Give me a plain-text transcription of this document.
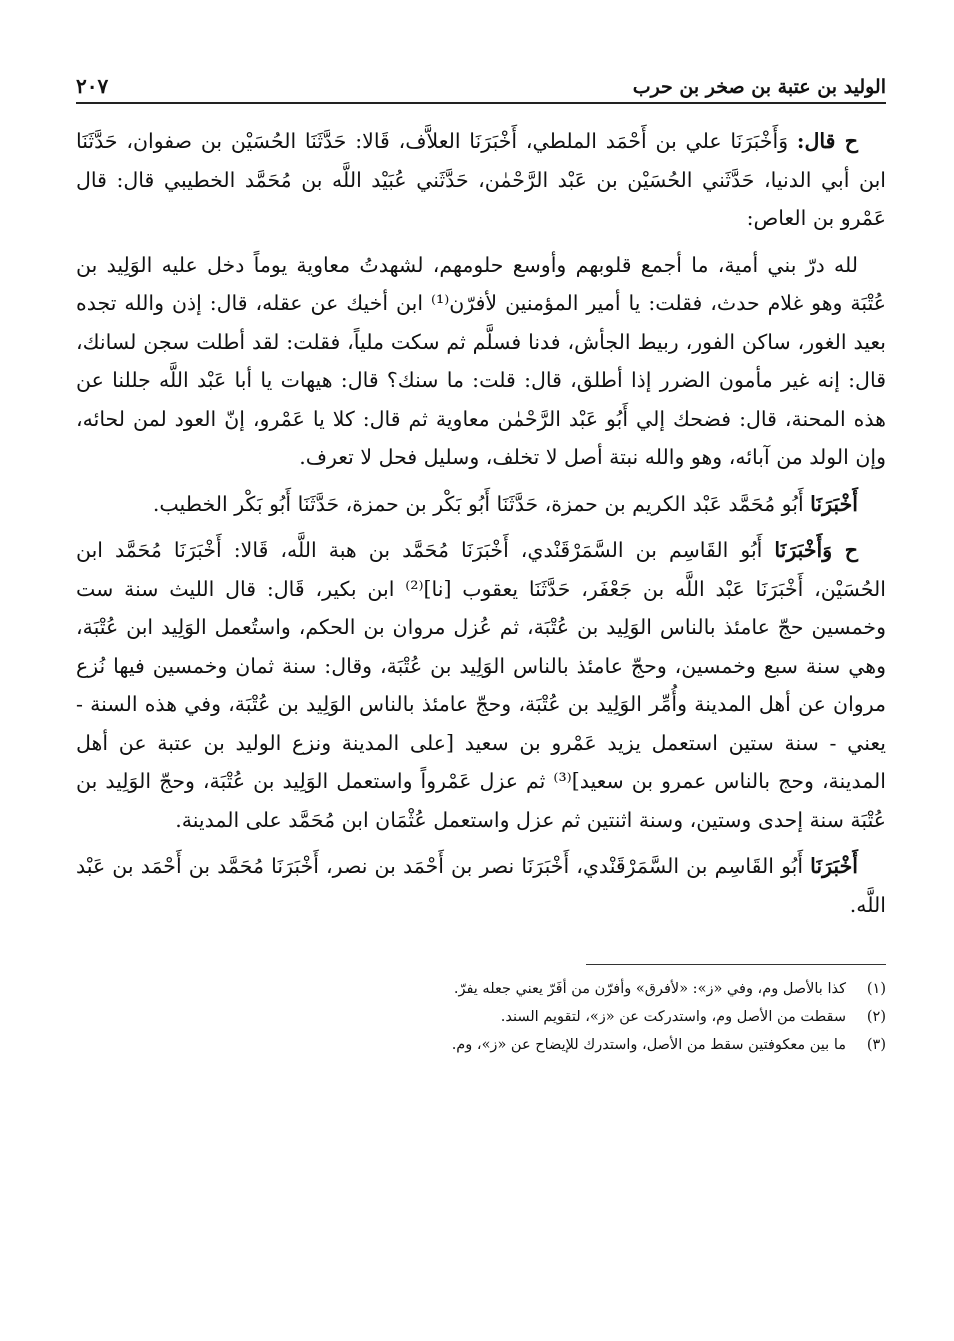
الوليد بن عتبة بن صخر بن حرب
٢٠٧

ح قال: وَأَخْبَرَنَا علي بن أَحْمَد الملطي، أَخْبَرَنَا العلاَّف، قَالا: حَدَّثَنَا الحُسَيْن بن صفوان، حَدَّثَنَا ابن أبي الدنيا، حَدَّثَني الحُسَيْن بن عَبْد الرَّحْمٰن، حَدَّثَني عُبَيْد اللَّه بن مُحَمَّد الخطيبي قال: قال عَمْرو بن العاص:

لله درّ بني أمية، ما أجمع قلوبهم وأوسع حلومهم، لشهدتُ معاوية يوماً دخل عليه الوَلِيد بن عُتْبَة وهو غلام حدث، فقلت: يا أمير المؤمنين لأفرّن⁽¹⁾ ابن أخيك عن عقله، قال: إذن والله تجده بعيد الغور، ساكن الفور، ربيط الجأش، فدنا فسلَّم ثم سكت ملياً، فقلت: لقد أطلت سجن لسانك، قال: إنه غير مأمون الضرر إذا أطلق، قال: قلت: ما سنك؟ قال: هيهات يا أبا عَبْد اللَّه جللنا عن هذه المحنة، قال: فضحك إلي أَبُو عَبْد الرَّحْمٰن معاوية ثم قال: كلا يا عَمْرو، إنّ العود لمن لحائه، وإن الولد من آبائه، وهو والله نبتة أصل لا تخلف، وسليل فحل لا تعرف.

أَخْبَرَنَا أَبُو مُحَمَّد عَبْد الكريم بن حمزة، حَدَّثَنَا أَبُو بَكْر بن حمزة، حَدَّثَنَا أَبُو بَكْر الخطيب.

ح وَأَخْبَرَنَا أَبُو القَاسِم بن السَّمَرْقَنْدي، أَخْبَرَنَا مُحَمَّد بن هبة اللَّه، قَالا: أَخْبَرَنَا مُحَمَّد ابن الحُسَيْن، أَخْبَرَنَا عَبْد اللَّه بن جَعْفَر، حَدَّثَنَا يعقوب [نا]⁽²⁾ ابن بكير، قَال: قال الليث سنة ست وخمسين حجّ عامئذ بالناس الوَلِيد بن عُتْبَة، ثم عُزل مروان بن الحكم، واستُعمل الوَلِيد ابن عُتْبَة، وهي سنة سبع وخمسين، وحجّ عامئذ بالناس الوَلِيد بن عُتْبَة، وقال: سنة ثمان وخمسين فيها نُزع مروان عن أهل المدينة وأُمِّر الوَلِيد بن عُتْبَة، وحجّ عامئذ بالناس الوَلِيد بن عُتْبَة، وفي هذه السنة - يعني - سنة ستين استعمل يزيد عَمْرو بن سعيد [على المدينة ونزع الوليد بن عتبة عن أهل المدينة، وحج بالناس عمرو بن سعيد]⁽³⁾ ثم عزل عَمْرواً واستعمل الوَلِيد بن عُتْبَة، وحجّ الوَلِيد بن عُتْبَة سنة إحدى وستين، وسنة اثنتين ثم عزل واستعمل عُثْمَان ابن مُحَمَّد على المدينة.

أَخْبَرَنَا أَبُو القَاسِم بن السَّمَرْقَنْدي، أَخْبَرَنَا نصر بن أَحْمَد بن نصر، أَخْبَرَنَا مُحَمَّد بن أَحْمَد بن عَبْد اللَّه.

(١)
كذا بالأصل وم، وفي «ز»: «لأفرق» وأفرّن من أفَرّ يعني جعله يفرّ.
(٢)
سقطت من الأصل وم، واستدركت عن «ز»، لتقويم السند.
(٣)
ما بين معكوفتين سقط من الأصل، واستدرك للإيضاح عن «ز»، وم.
